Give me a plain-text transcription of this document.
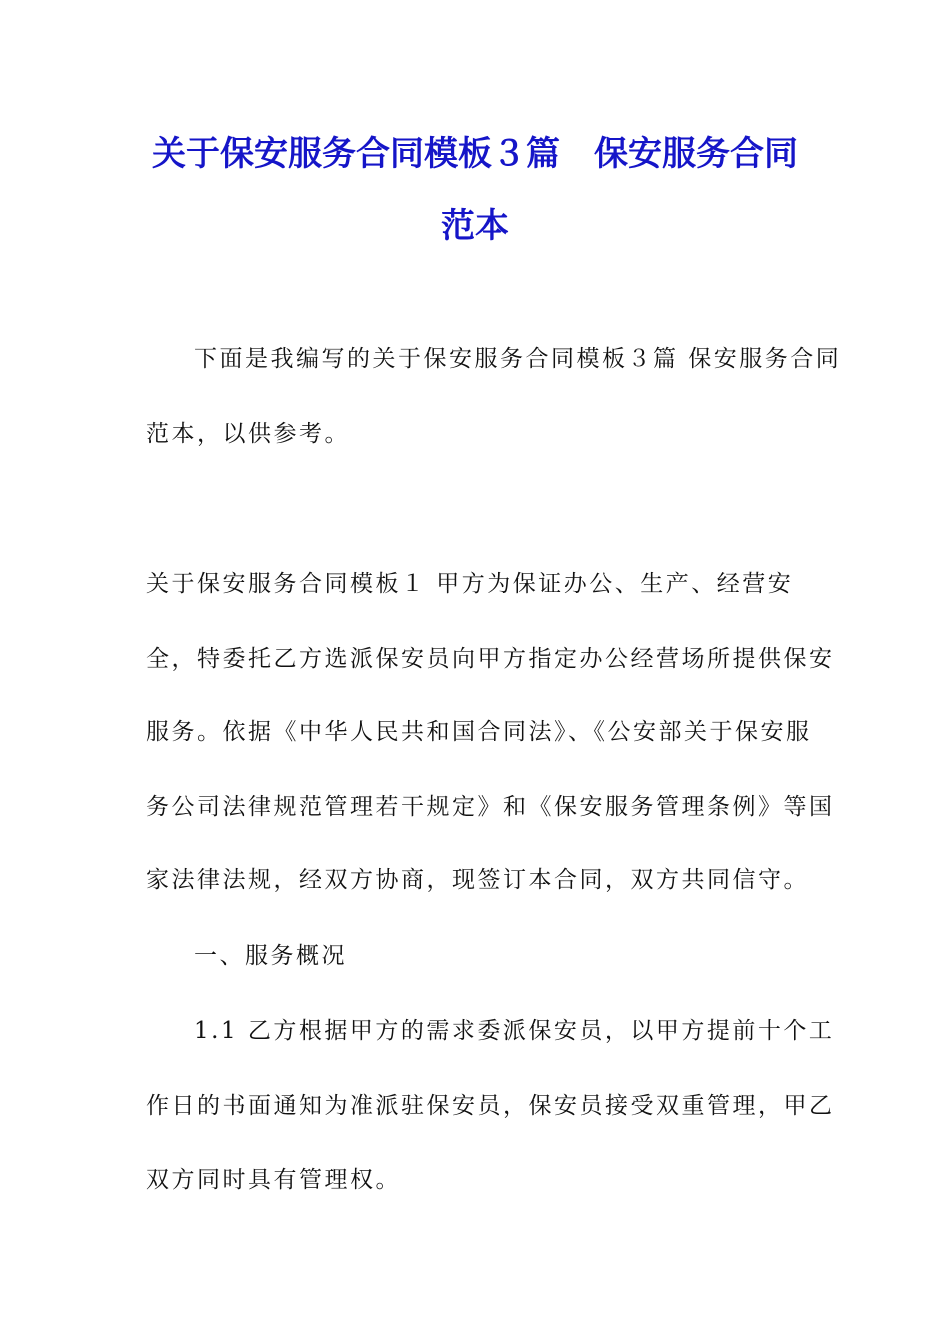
关于保安服务合同模板３篇　保安服务合同
范本

下面是我编写的关于保安服务合同模板３篇 保安服务合同

范本，以供参考。

关于保安服务合同模板１ 甲方为保证办公、生产、经营安

全，特委托乙方选派保安员向甲方指定办公经营场所提供保安

服务。依据《中华人民共和国合同法》、《公安部关于保安服

务公司法律规范管理若干规定》和《保安服务管理条例》等国

家法律法规，经双方协商，现签订本合同，双方共同信守。

一、服务概况

1.1 乙方根据甲方的需求委派保安员，以甲方提前十个工

作日的书面通知为准派驻保安员，保安员接受双重管理，甲乙

双方同时具有管理权。
